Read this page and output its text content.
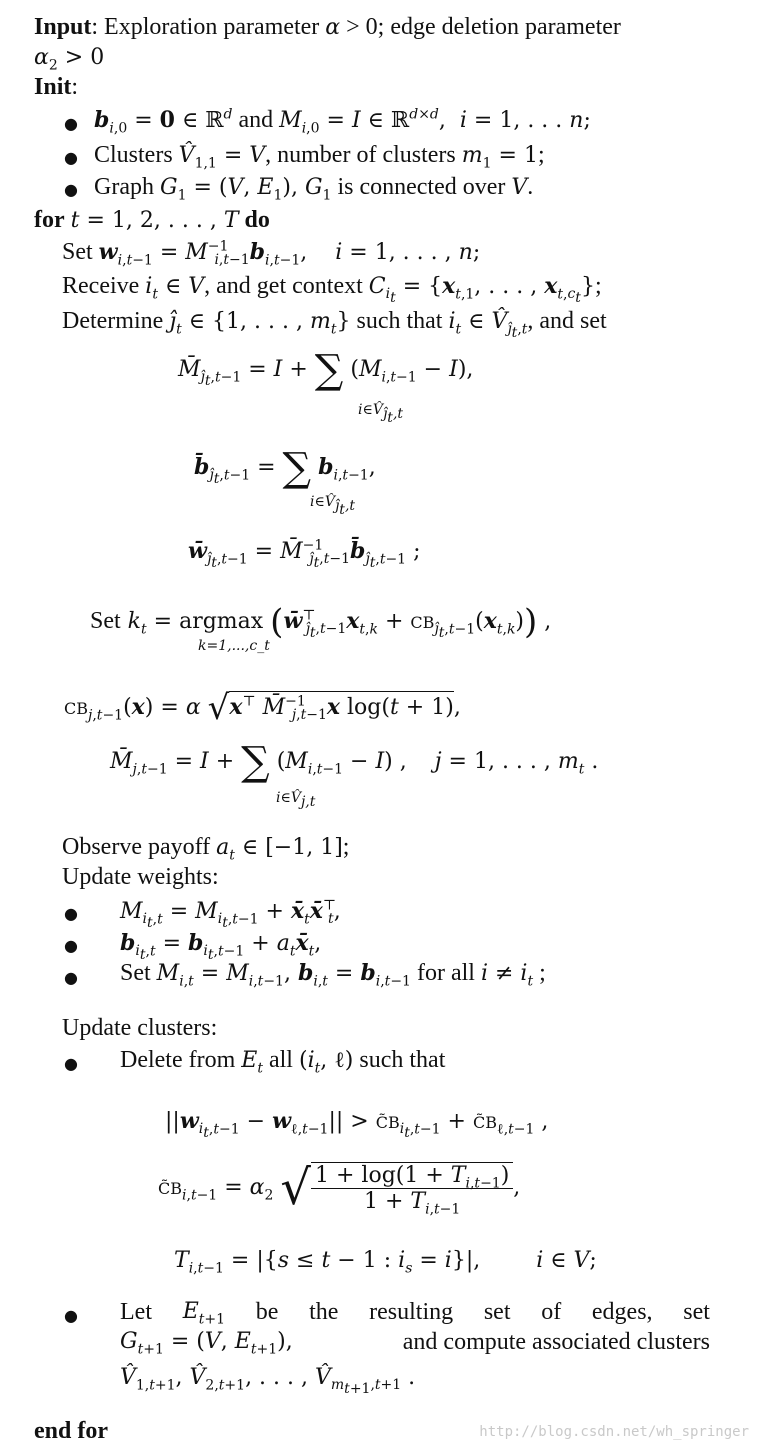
Input: Exploration parameter α > 0; edge deletion parameter
$\alpha_2 > 0$
Init:
● $b_{i,0} = 0$ ∈ ℝ$^d$ and $M_{i,0} = I$ ∈ ℝ$^{d\times d}$,  i = 1, . . . n;
● Clusters $V̂_{1,1} = V$, number of clusters $m_1 = 1$;
● Graph $G_1 = (V$, $E_1$), $G_1$ is connected over V.
for t = 1, 2, . . . , T do
Set $w_{i,t-1} = M^{-1}_{i,t-1}b_{i,t-1}$,    i = 1, . . . , n;
Receive $i_t$ ∈ V, and get context $C_{i_t} = \{x_{t,1}$, . . . , $x_{t,c_t}$};
Determine $ĵ_t$ ∈ {1, . . . , $m_t$} such that $i_t$ ∈ $V̂_{ĵ_t,t}$, and set
$M̄_{ĵ_t,t-1} = I$ + ∑ $(M_{i,t-1} - I)$,
$i\in V̂_{ĵ_t,t}$
$b̄_{ĵ_t,t-1}$ = ∑ $b_{i,t-1}$,
$i\in V̂_{ĵ_t,t}$
$w̄_{ĵ_t,t-1}$ = $M̄^{-1}_{ĵ_t,t-1}b̄_{ĵ_t,t-1}$ ;
Set $k_t = argmax$ $(w̄^⊤_{ĵ_t,t-1}x_{t,k} + CB_{ĵ_t,t-1}(x_{t,k}))$ ,
k=1,...,c_t
$CB_{j,t-1}(x) = \alpha$ √x⊤ M̄$^{-1}_{j,t-1}$x log(t + 1),
$M̄_{j,t-1} = I$ + ∑ $(M_{i,t-1} - I)$ ,    j = 1, . . . , $m_t$ .
$i\in V̂_{j,t}$
Observe payoff $a_t$ ∈ [−1, 1];
Update weights:
● $M_{i_t,t} = M_{i_t,t-1}$ + $x̄_tx̄^⊤_t$,
● $b_{i_t,t} = b_{i_t,t-1}$ + $a_tx̄_t$,
● Set $M_{i,t} = M_{i,t-1}$, $b_{i,t} = b_{i,t-1}$ for all $i \ne i_t$ ;
Update clusters:
● Delete from $E_t$ all ($i_t$, ℓ) such that
$||w_{i_t,t-1} - w_{\ell,t-1}||$ > $C̃B_{i_t,t-1}$ + $C̃B_{\ell,t-1}$ ,
$C̃B_{i,t-1} = \alpha_2$ √ $\frac{1 + \log(1 + T_{i,t-1})}{1 + T_{i,t-1}}$ ,
$T_{i,t-1} = |\{s \le t - 1$ : $i_s = i\}|$,        i ∈ V;
● Let $E_{t+1}$ be the resulting set of edges, set
$G_{t+1} = (V$, $E_{t+1}$),	and compute associated clusters
$V̂_{1,t+1}$, $V̂_{2,t+1}$, . . . , $V̂_{m_{t+1},t+1}$ .
end for	http://blog.csdn.net/wh_springer
